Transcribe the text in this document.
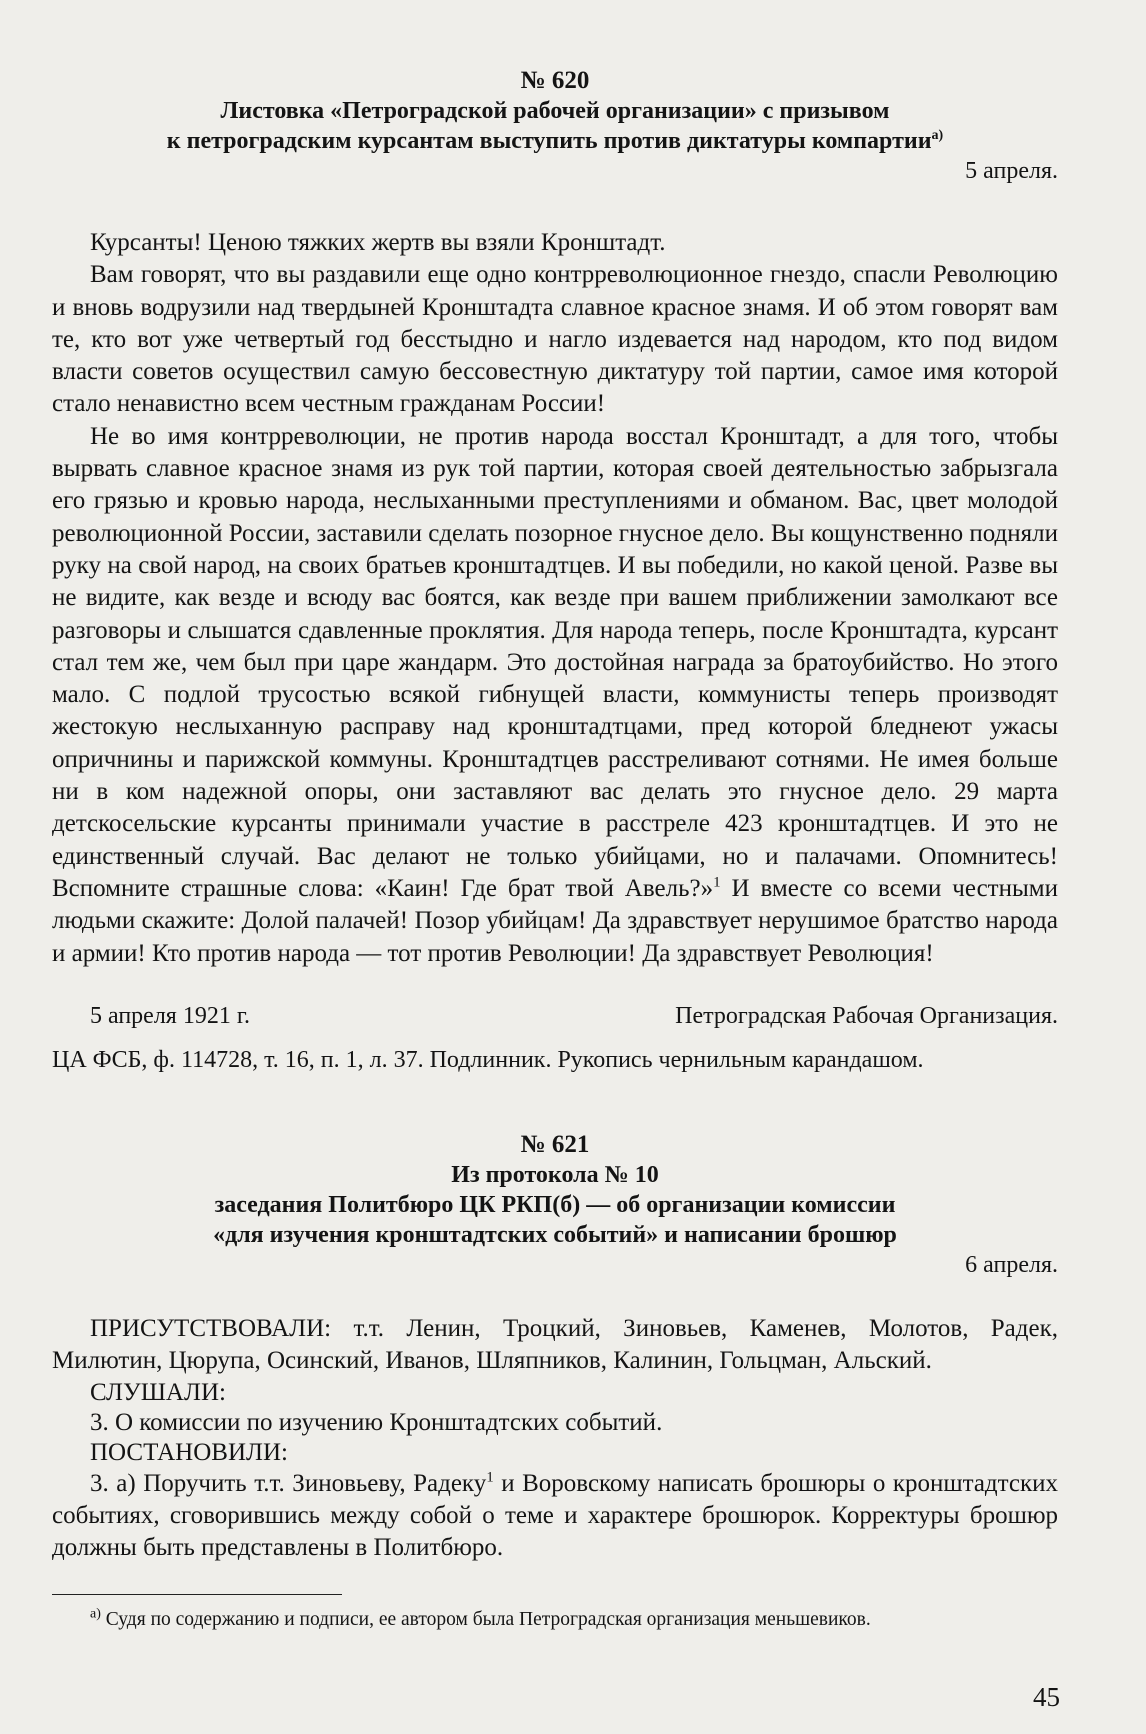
№ 620
Листовка «Петроградской рабочей организации» с призывом
к петроградским курсантам выступить против диктатуры компартии$^{а)}$
5 апреля.

Курсанты! Ценою тяжких жертв вы взяли Кронштадт.

Вам говорят, что вы раздавили еще одно контрреволюционное гнездо, спасли Революцию и вновь водрузили над твердыней Кронштадта славное красное знамя. И об этом говорят вам те, кто вот уже четвертый год бесстыдно и нагло издевается над народом, кто под видом власти советов осуществил самую бессовестную диктатуру той партии, самое имя которой стало ненавистно всем честным гражданам России!

Не во имя контрреволюции, не против народа восстал Кронштадт, а для того, чтобы вырвать славное красное знамя из рук той партии, которая своей деятельностью забрызгала его грязью и кровью народа, неслыханными преступлениями и обманом. Вас, цвет молодой революционной России, заставили сделать позорное гнусное дело. Вы кощунственно подняли руку на свой народ, на своих братьев кронштадтцев. И вы победили, но какой ценой. Разве вы не видите, как везде и всюду вас боятся, как везде при вашем приближении замолкают все разговоры и слышатся сдавленные проклятия. Для народа теперь, после Кронштадта, курсант стал тем же, чем был при царе жандарм. Это достойная награда за братоубийство. Но этого мало. С подлой трусостью всякой гибнущей власти, коммунисты теперь производят жестокую неслыханную расправу над кронштадтцами, пред которой бледнеют ужасы опричнины и парижской коммуны. Кронштадтцев расстреливают сотнями. Не имея больше ни в ком надежной опоры, они заставляют вас делать это гнусное дело. 29 марта детскосельские курсанты принимали участие в расстреле 423 кронштадтцев. И это не единственный случай. Вас делают не только убийцами, но и палачами. Опомнитесь! Вспомните страшные слова: «Каин! Где брат твой Авель?»$^1$ И вместе со всеми честными людьми скажите: Долой палачей! Позор убийцам! Да здравствует нерушимое братство народа и армии! Кто против народа — тот против Революции! Да здравствует Революция!

5 апреля 1921 г.	Петроградская Рабочая Организация.
ЦА ФСБ, ф. 114728, т. 16, п. 1, л. 37. Подлинник. Рукопись чернильным карандашом.
№ 621
Из протокола № 10
заседания Политбюро ЦК РКП(б) — об организации комиссии
«для изучения кронштадтских событий» и написании брошюр
6 апреля.

ПРИСУТСТВОВАЛИ: т.т. Ленин, Троцкий, Зиновьев, Каменев, Молотов, Радек, Милютин, Цюрупа, Осинский, Иванов, Шляпников, Калинин, Гольцман, Альский.

СЛУШАЛИ:
3. О комиссии по изучению Кронштадтских событий.
ПОСТАНОВИЛИ:

3. а) Поручить т.т. Зиновьеву, Радеку$^1$ и Воровскому написать брошюры о кронштадтских событиях, сговорившись между собой о теме и характере брошюрок. Корректуры брошюр должны быть представлены в Политбюро.

$^{а)}$ Судя по содержанию и подписи, ее автором была Петроградская организация меньшевиков.

45
